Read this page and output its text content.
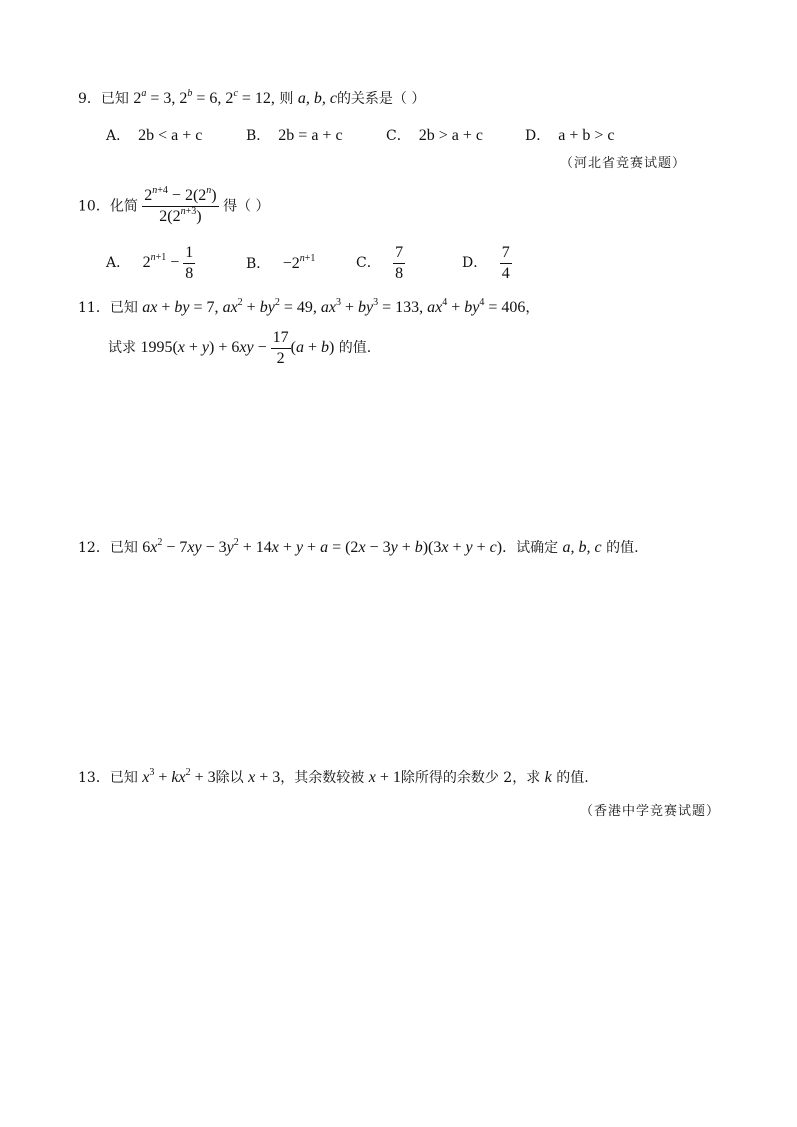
9．已知 $2^a = 3$, $2^b = 6$, $2^c = 12$, 则 a, b, c的关系是（ ）
A． 2b < a + c	B． 2b = a + c	C． 2b > a + c	D． a + b > c
（河北省竞赛试题）
10．化简 $\frac{2^{n+4} - 2(2^n)}{2(2^{n+3})}$ 得（ ）
A． $2^{n+1} - \frac{1}{8}$	B． $-2^{n+1}$	C． $\frac{7}{8}$	D． $\frac{7}{4}$
11．已知 ax + by = 7, $ax^2 + by^2 = 49$, $ax^3 + by^3 = 133$, $ax^4 + by^4 = 406$，
试求 $1995(x + y) + 6xy - \frac{17}{2} (a + b)$ 的值.
12．已知 $6x^2 - 7xy - 3y^2 + 14x + y + a = (2x - 3y + b)(3x + y + c)$．试确定 a, b, c 的值.
13．已知 $x^3 + kx^2 + 3$除以 x + 3，其余数较被 x + 1除所得的余数少 2，求 k 的值.
（香港中学竞赛试题）
